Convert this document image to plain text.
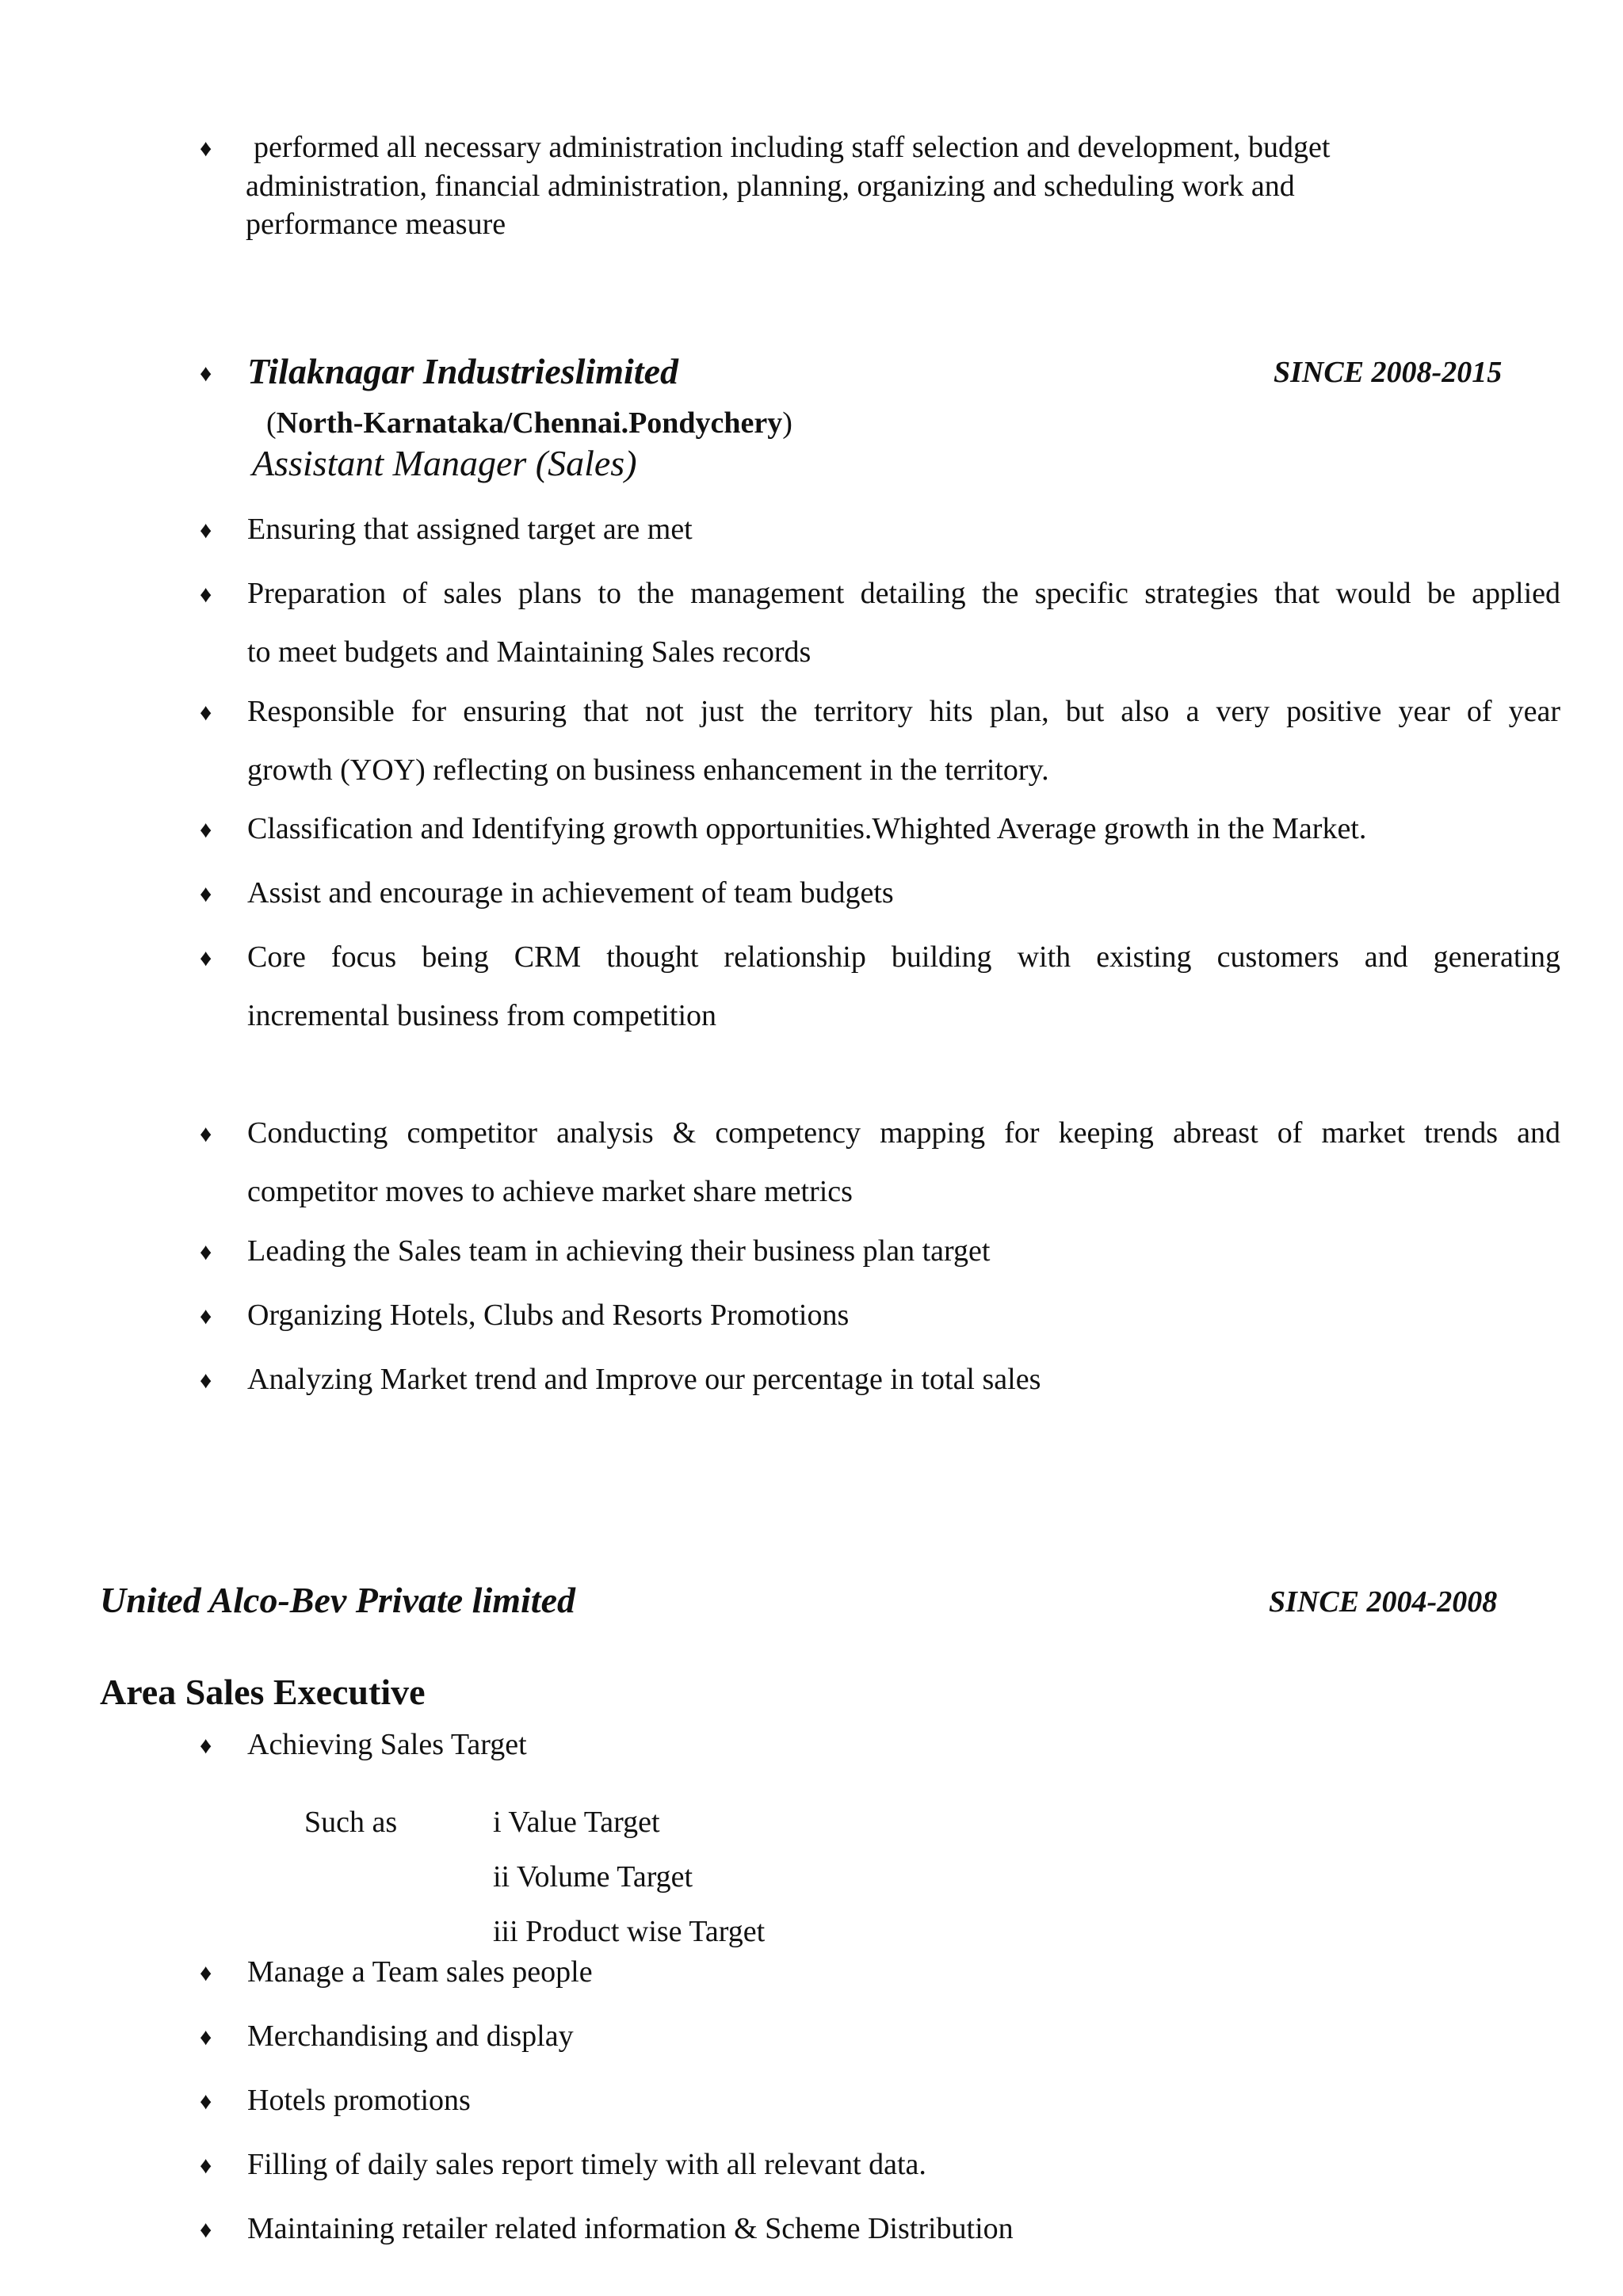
♦ performed all necessary administration including staff selection and development, budget
administration, financial administration, planning, organizing and scheduling work and
performance measure
♦ Tilaknagar Industrieslimited	SINCE 2008-2015
(North-Karnataka/Chennai.Pondychery)
Assistant Manager (Sales)
♦ Ensuring that assigned target are met
♦ Preparation of sales plans to the management detailing the specific strategies that would be applied
to meet budgets and Maintaining Sales records
♦ Responsible for ensuring that not just the territory hits plan, but also a very positive year of year
growth (YOY) reflecting on business enhancement in the territory.
♦ Classification and Identifying growth opportunities.Whighted Average growth in the Market.
♦ Assist and encourage in achievement of team budgets
♦ Core focus being CRM thought relationship building with existing customers and generating
incremental business from competition
♦ Conducting competitor analysis & competency mapping for keeping abreast of market trends and
competitor moves to achieve market share metrics
♦ Leading the Sales team in achieving their business plan target
♦ Organizing Hotels, Clubs and Resorts Promotions
♦ Analyzing Market trend and Improve our percentage in total sales
United Alco-Bev Private limited	SINCE 2004-2008
Area Sales Executive
♦ Achieving Sales Target
Such as	i Value Target
ii Volume Target
iii Product wise Target
♦ Manage a Team sales people
♦ Merchandising and display
♦ Hotels promotions
♦ Filling of daily sales report timely with all relevant data.
♦ Maintaining retailer related information & Scheme Distribution
